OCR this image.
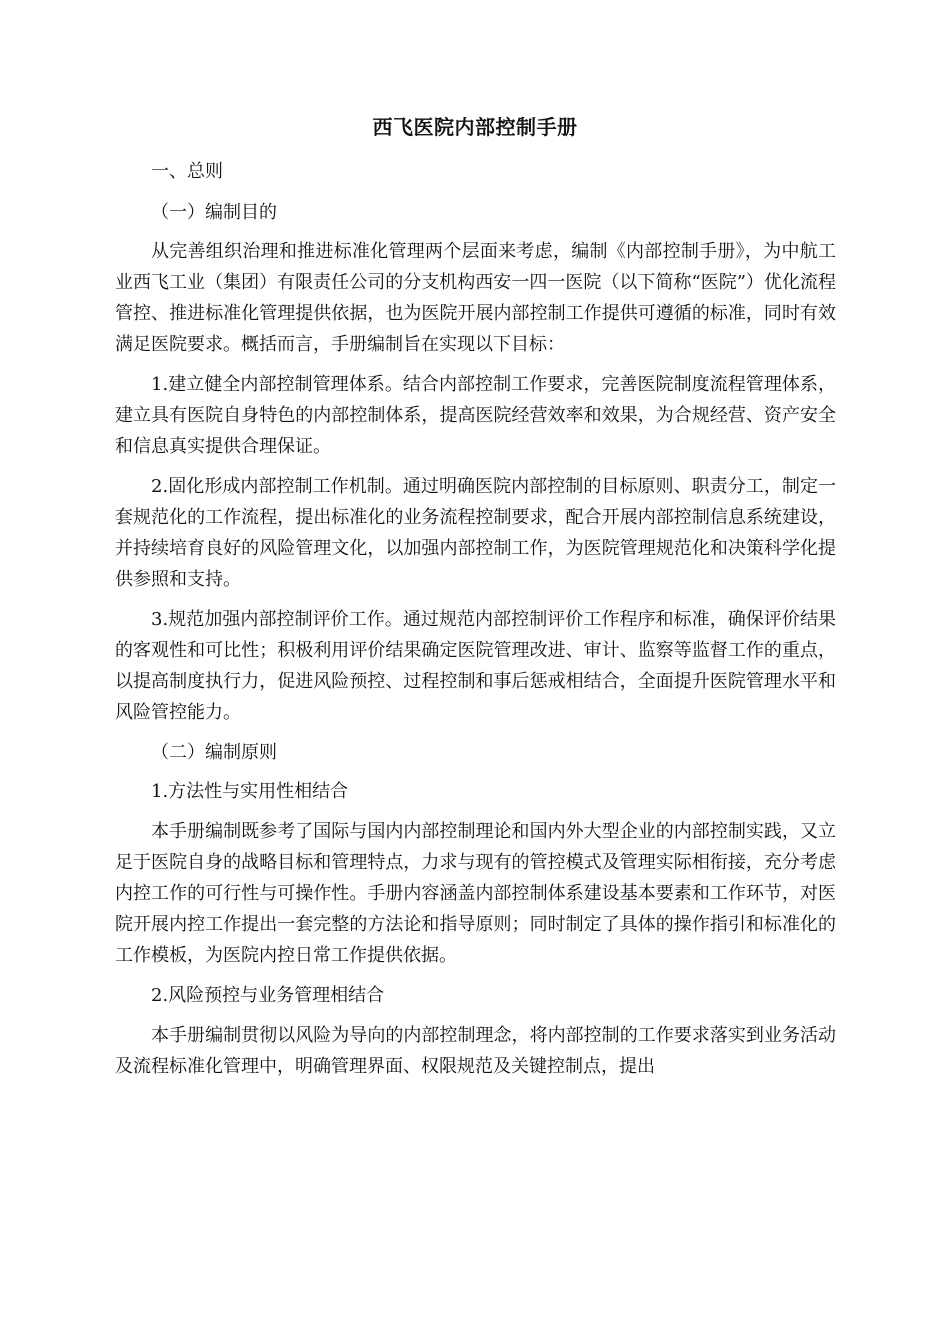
西飞医院内部控制手册

一、总则

（一）编制目的

从完善组织治理和推进标准化管理两个层面来考虑，编制《内部控制手册》，为中航工业西飞工业（集团）有限责任公司的分支机构西安一四一医院（以下简称“医院”）优化流程管控、推进标准化管理提供依据，也为医院开展内部控制工作提供可遵循的标准，同时有效满足医院要求。概括而言，手册编制旨在实现以下目标：

1.建立健全内部控制管理体系。结合内部控制工作要求，完善医院制度流程管理体系，建立具有医院自身特色的内部控制体系，提高医院经营效率和效果，为合规经营、资产安全和信息真实提供合理保证。

2.固化形成内部控制工作机制。通过明确医院内部控制的目标原则、职责分工，制定一套规范化的工作流程，提出标准化的业务流程控制要求，配合开展内部控制信息系统建设，并持续培育良好的风险管理文化，以加强内部控制工作，为医院管理规范化和决策科学化提供参照和支持。

3.规范加强内部控制评价工作。通过规范内部控制评价工作程序和标准，确保评价结果的客观性和可比性；积极利用评价结果确定医院管理改进、审计、监察等监督工作的重点，以提高制度执行力，促进风险预控、过程控制和事后惩戒相结合，全面提升医院管理水平和风险管控能力。

（二）编制原则

1.方法性与实用性相结合

本手册编制既参考了国际与国内内部控制理论和国内外大型企业的内部控制实践，又立足于医院自身的战略目标和管理特点，力求与现有的管控模式及管理实际相衔接，充分考虑内控工作的可行性与可操作性。手册内容涵盖内部控制体系建设基本要素和工作环节，对医院开展内控工作提出一套完整的方法论和指导原则；同时制定了具体的操作指引和标准化的工作模板，为医院内控日常工作提供依据。

2.风险预控与业务管理相结合

本手册编制贯彻以风险为导向的内部控制理念，将内部控制的工作要求落实到业务活动及流程标准化管理中，明确管理界面、权限规范及关键控制点，提出
